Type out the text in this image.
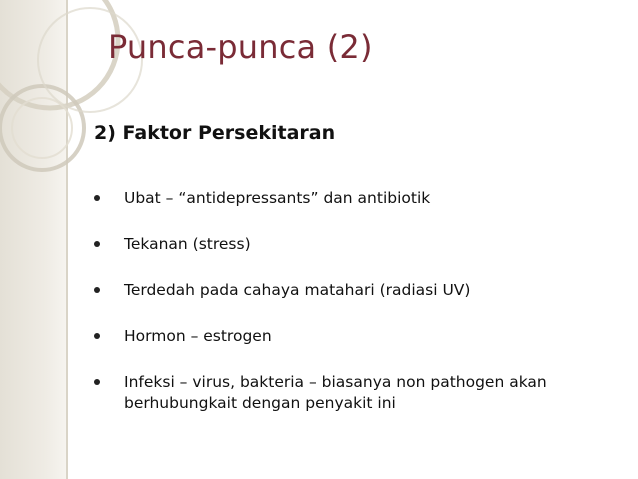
Punca-punca (2)
2) Faktor Persekitaran
Ubat – “antidepressants” dan antibiotik
Tekanan (stress)
Terdedah pada cahaya matahari (radiasi UV)
Hormon – estrogen
Infeksi – virus, bakteria – biasanya non pathogen akan berhubungkait dengan penyakit ini
